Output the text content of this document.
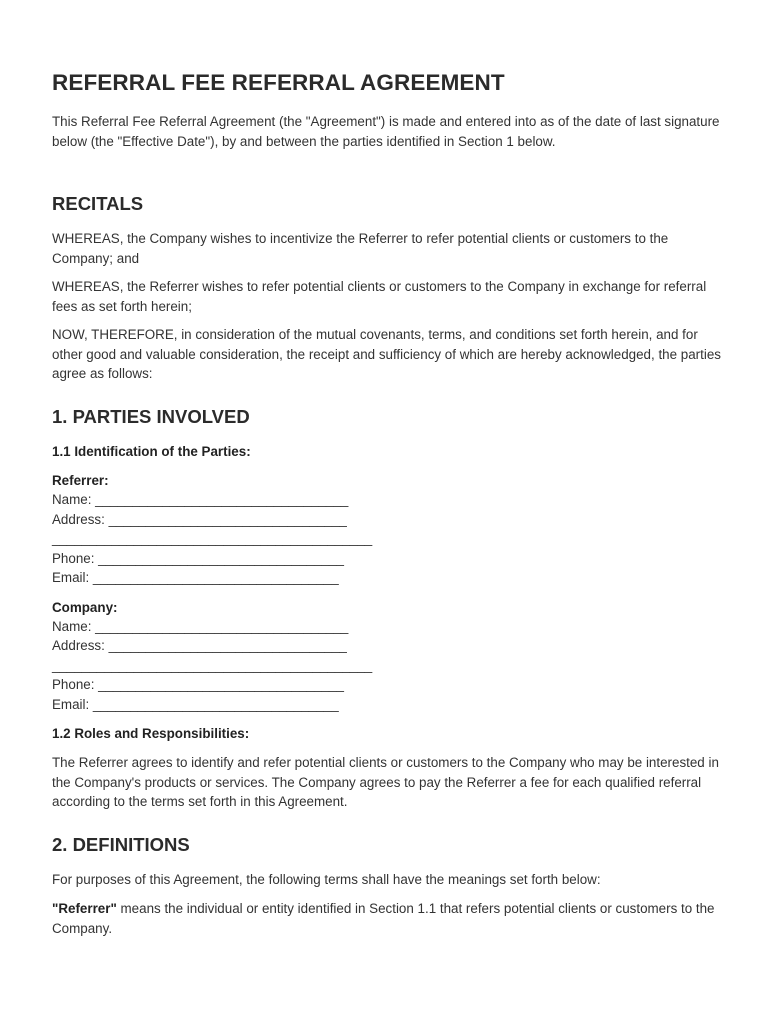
REFERRAL FEE REFERRAL AGREEMENT

This Referral Fee Referral Agreement (the "Agreement") is made and entered into as of the date of last signature below (the "Effective Date"), by and between the parties identified in Section 1 below.

RECITALS

WHEREAS, the Company wishes to incentivize the Referrer to refer potential clients or customers to the Company; and

WHEREAS, the Referrer wishes to refer potential clients or customers to the Company in exchange for referral fees as set forth herein;

NOW, THEREFORE, in consideration of the mutual covenants, terms, and conditions set forth herein, and for other good and valuable consideration, the receipt and sufficiency of which are hereby acknowledged, the parties agree as follows:

1. PARTIES INVOLVED
1.1 Identification of the Parties:
Referrer:
Name: __________________________________
Address: ________________________________
___________________________________________
Phone: _________________________________
Email: _________________________________
Company:
Name: __________________________________
Address: ________________________________
___________________________________________
Phone: _________________________________
Email: _________________________________
1.2 Roles and Responsibilities:

The Referrer agrees to identify and refer potential clients or customers to the Company who may be interested in the Company's products or services. The Company agrees to pay the Referrer a fee for each qualified referral according to the terms set forth in this Agreement.

2. DEFINITIONS

For purposes of this Agreement, the following terms shall have the meanings set forth below:

"Referrer" means the individual or entity identified in Section 1.1 that refers potential clients or customers to the Company.
